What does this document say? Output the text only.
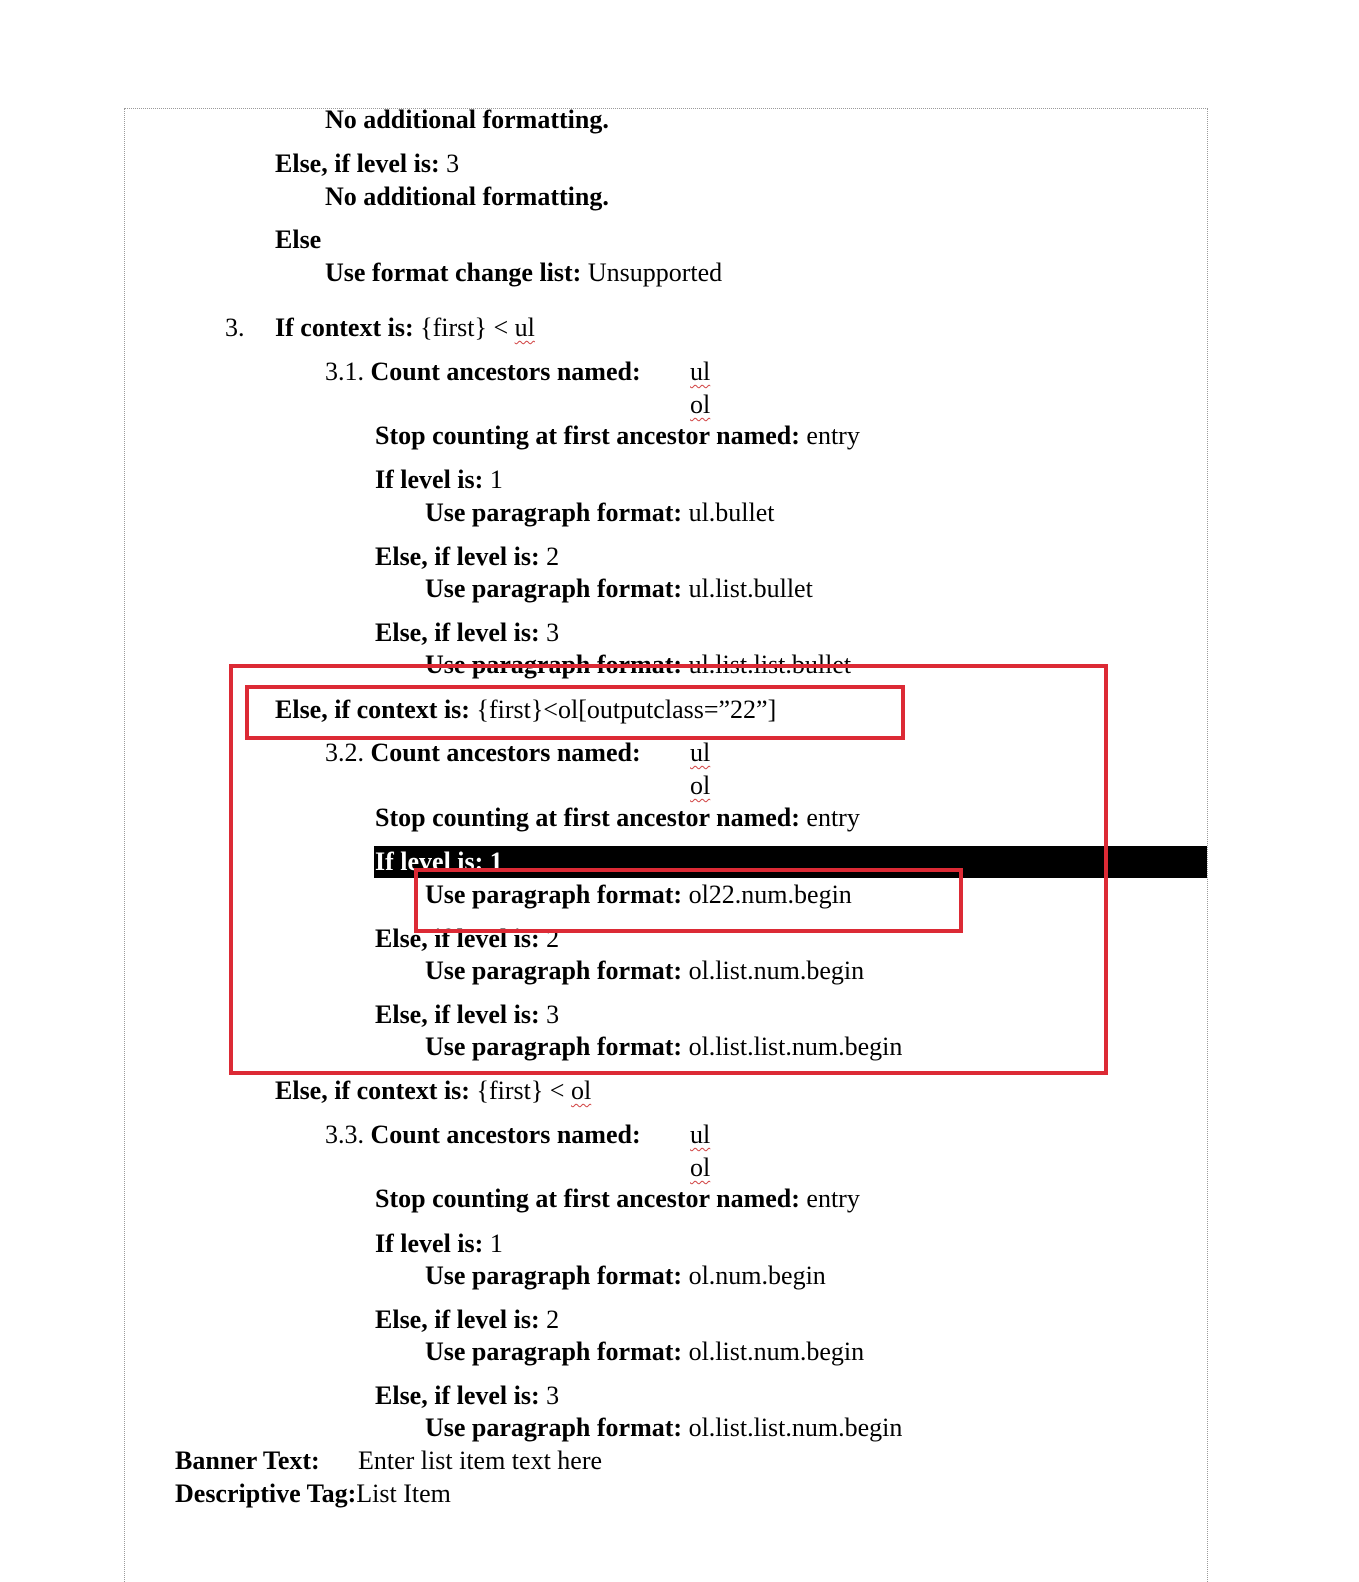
No additional formatting.
Else, if level is: 3
No additional formatting.
Else
Use format change list: Unsupported
3. If context is: {first} < ul
3.1. Count ancestors named: ul
ol
Stop counting at first ancestor named: entry
If level is: 1
Use paragraph format: ul.bullet
Else, if level is: 2
Use paragraph format: ul.list.bullet
Else, if level is: 3
Use paragraph format: ul.list.list.bullet
Else, if context is: {first}<ol[outputclass=”22”]
3.2. Count ancestors named: ul
ol
Stop counting at first ancestor named: entry
If level is: 1
Use paragraph format: ol22.num.begin
Else, if level is: 2
Use paragraph format: ol.list.num.begin
Else, if level is: 3
Use paragraph format: ol.list.list.num.begin
Else, if context is: {first} < ol
3.3. Count ancestors named: ul
ol
Stop counting at first ancestor named: entry
If level is: 1
Use paragraph format: ol.num.begin
Else, if level is: 2
Use paragraph format: ol.list.num.begin
Else, if level is: 3
Use paragraph format: ol.list.list.num.begin
Banner Text: Enter list item text here
Descriptive Tag:List Item
